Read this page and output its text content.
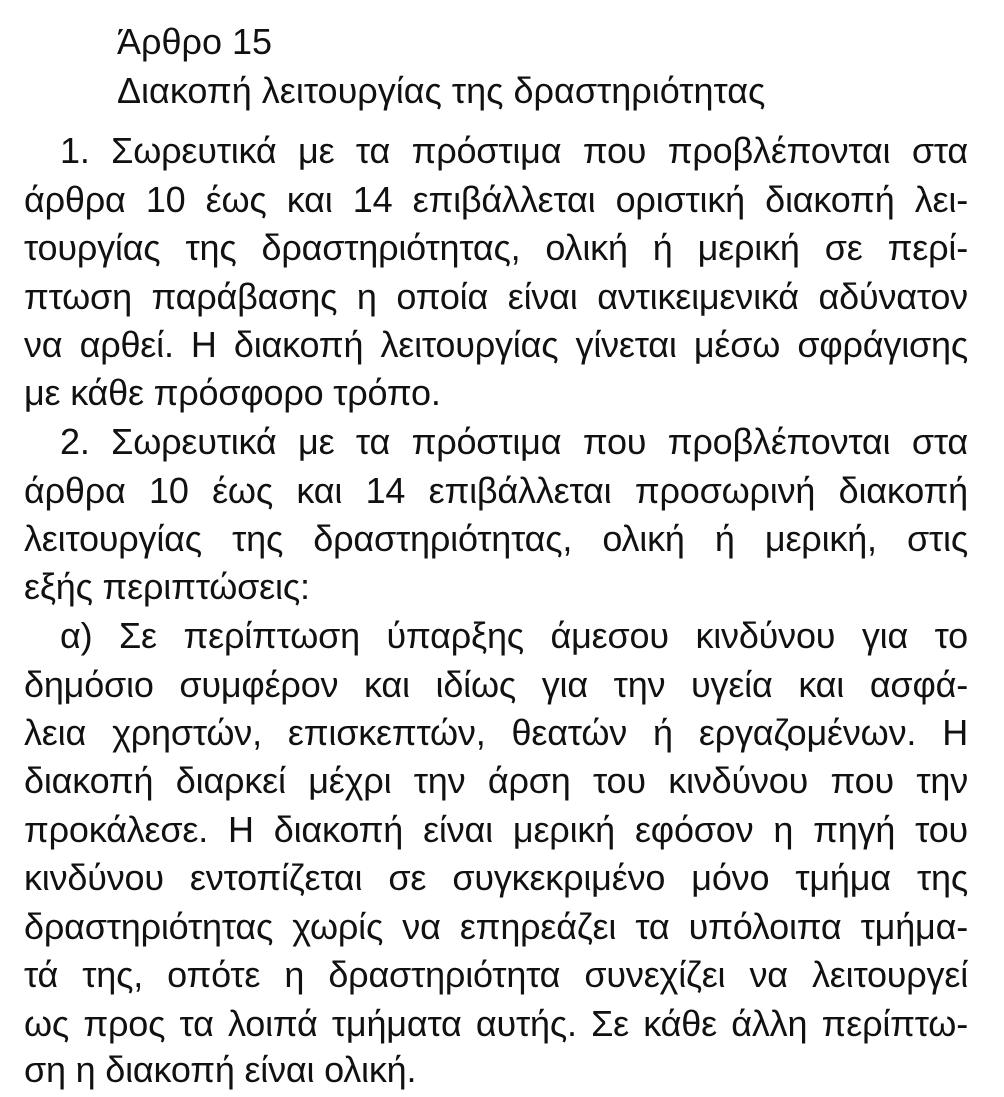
Άρθρο 15
Διακοπή λειτουργίας της δραστηριότητας
1. Σωρευτικά με τα πρόστιμα που προβλέπονται στα
άρθρα 10 έως και 14 επιβάλλεται οριστική διακοπή λει-
τουργίας της δραστηριότητας, ολική ή μερική σε περί-
πτωση παράβασης η οποία είναι αντικειμενικά αδύνατον
να αρθεί. Η διακοπή λειτουργίας γίνεται μέσω σφράγισης
με κάθε πρόσφορο τρόπο.
2. Σωρευτικά με τα πρόστιμα που προβλέπονται στα
άρθρα 10 έως και 14 επιβάλλεται προσωρινή διακοπή
λειτουργίας της δραστηριότητας, ολική ή μερική, στις
εξής περιπτώσεις:
α) Σε περίπτωση ύπαρξης άμεσου κινδύνου για το
δημόσιο συμφέρον και ιδίως για την υγεία και ασφά-
λεια χρηστών, επισκεπτών, θεατών ή εργαζομένων. Η
διακοπή διαρκεί μέχρι την άρση του κινδύνου που την
προκάλεσε. Η διακοπή είναι μερική εφόσον η πηγή του
κινδύνου εντοπίζεται σε συγκεκριμένο μόνο τμήμα της
δραστηριότητας χωρίς να επηρεάζει τα υπόλοιπα τμήμα-
τά της, οπότε η δραστηριότητα συνεχίζει να λειτουργεί
ως προς τα λοιπά τμήματα αυτής. Σε κάθε άλλη περίπτω-
ση η διακοπή είναι ολική.
